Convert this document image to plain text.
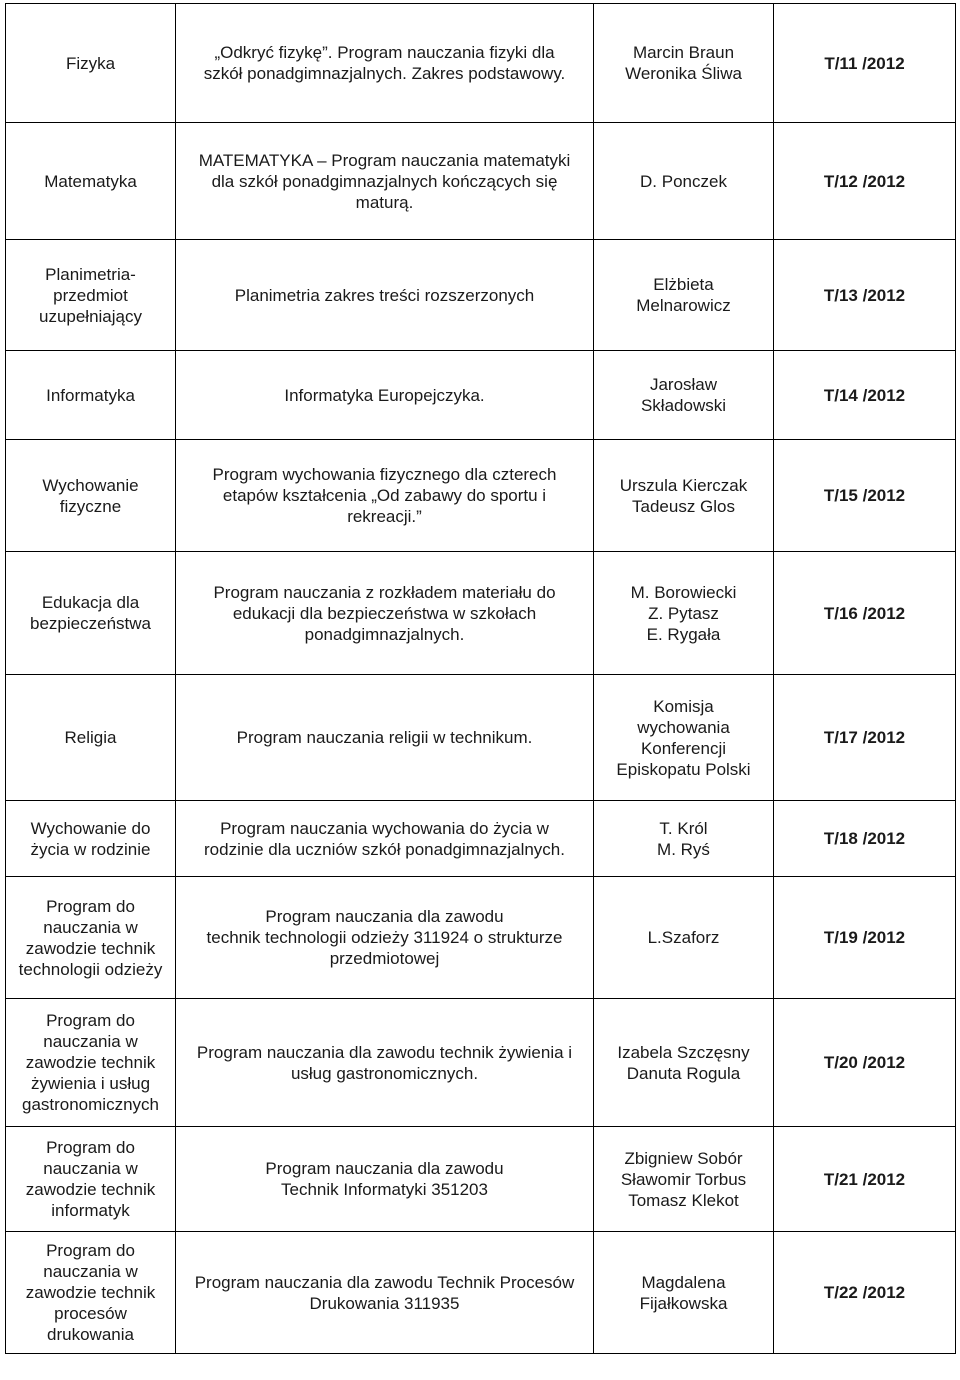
Fizyka	„Odkryć fizykę”. Program nauczania fizyki dla
szkół ponadgimnazjalnych. Zakres podstawowy.	Marcin Braun
Weronika Śliwa	T/11 /2012

Matematyka	MATEMATYKA – Program nauczania matematyki
dla szkół ponadgimnazjalnych kończących się
maturą.	D. Ponczek	T/12 /2012

Planimetria-
przedmiot
uzupełniający	Planimetria zakres treści rozszerzonych	Elżbieta
Melnarowicz	T/13 /2012

Informatyka	Informatyka Europejczyka.	Jarosław
Składowski	T/14 /2012

Wychowanie
fizyczne	Program wychowania fizycznego dla czterech
etapów kształcenia „Od zabawy do sportu i
rekreacji.”	Urszula Kierczak
Tadeusz Glos	T/15 /2012

Edukacja dla
bezpieczeństwa	Program nauczania z rozkładem materiału do
edukacji dla bezpieczeństwa w szkołach
ponadgimnazjalnych.	M. Borowiecki
Z. Pytasz
E. Rygała	T/16 /2012

Religia	Program nauczania religii w technikum.	Komisja
wychowania
Konferencji
Episkopatu Polski	T/17 /2012

Wychowanie do
życia w rodzinie	Program nauczania wychowania do życia w
rodzinie dla uczniów szkół ponadgimnazjalnych.	T. Król
M. Ryś	T/18 /2012

Program do
nauczania w
zawodzie technik
technologii odzieży	Program nauczania dla zawodu
technik technologii odzieży 311924 o strukturze
przedmiotowej	L.Szaforz	T/19 /2012

Program do
nauczania w
zawodzie technik
żywienia i usług
gastronomicznych	Program nauczania dla zawodu technik żywienia i
usług gastronomicznych.	Izabela Szczęsny
Danuta Rogula	T/20 /2012

Program do
nauczania w
zawodzie technik
informatyk	Program nauczania dla zawodu
Technik Informatyki 351203	Zbigniew Sobór
Sławomir Torbus
Tomasz Klekot	T/21 /2012

Program do
nauczania w
zawodzie technik
procesów
drukowania	Program nauczania dla zawodu Technik Procesów
Drukowania 311935	Magdalena
Fijałkowska	T/22 /2012
